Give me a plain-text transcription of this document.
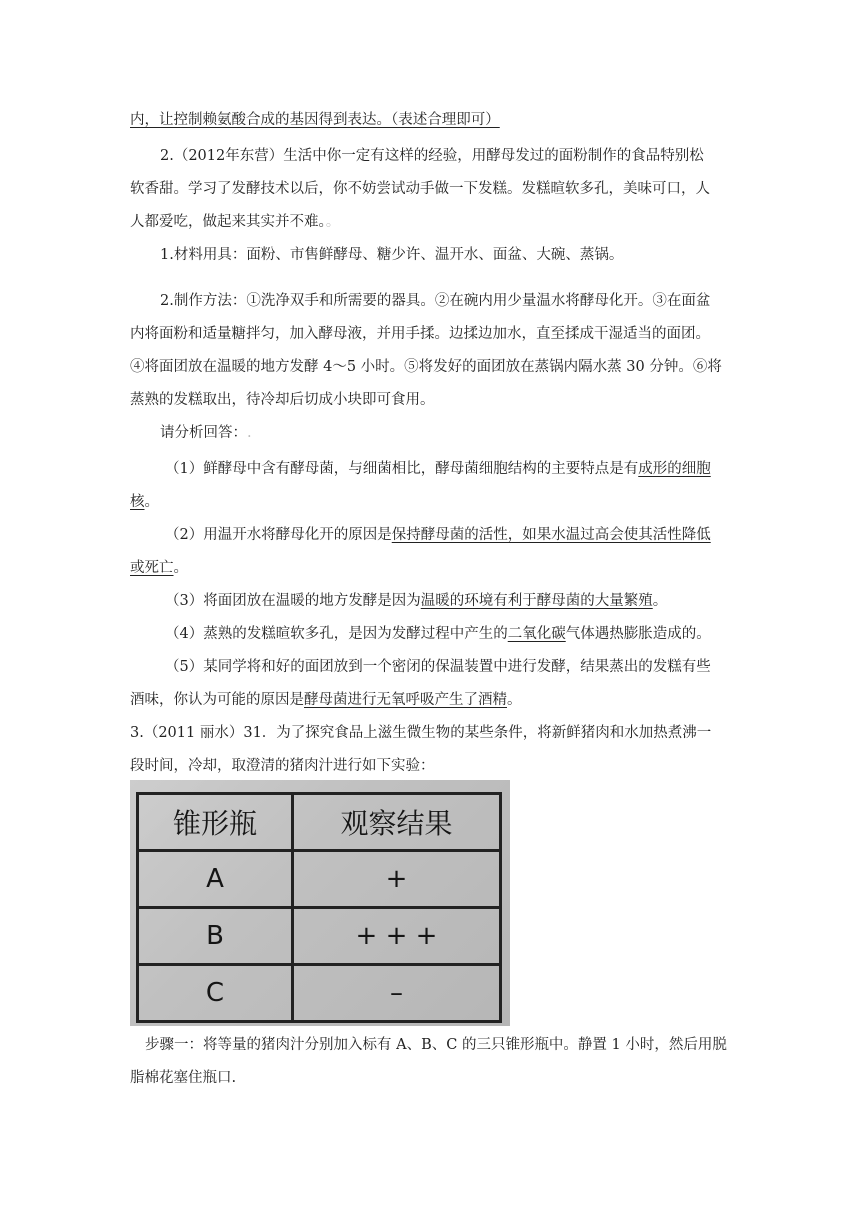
内，让控制赖氨酸合成的基因得到表达。（表述合理即可）

2.（2012年东营）生活中你一定有这样的经验，用酵母发过的面粉制作的食品特别松

软香甜。学习了发酵技术以后，你不妨尝试动手做一下发糕。发糕暄软多孔，美味可口，人

人都爱吃，做起来其实并不难。。

1.材料用具：面粉、市售鲜酵母、糖少许、温开水、面盆、大碗、蒸锅。

2.制作方法：①洗净双手和所需要的器具。②在碗内用少量温水将酵母化开。③在面盆

内将面粉和适量糖拌匀，加入酵母液，并用手揉。边揉边加水，直至揉成干湿适当的面团。

④将面团放在温暖的地方发酵 4～5 小时。⑤将发好的面团放在蒸锅内隔水蒸 30 分钟。⑥将

蒸熟的发糕取出，待冷却后切成小块即可食用。

请分析回答：.

（1）鲜酵母中含有酵母菌，与细菌相比，酵母菌细胞结构的主要特点是有成形的细胞

核。

（2）用温开水将酵母化开的原因是保持酵母菌的活性，如果水温过高会使其活性降低

或死亡。

（3）将面团放在温暖的地方发酵是因为温暖的环境有利于酵母菌的大量繁殖。

（4）蒸熟的发糕暄软多孔，是因为发酵过程中产生的二氧化碳气体遇热膨胀造成的。

（5）某同学将和好的面团放到一个密闭的保温装置中进行发酵，结果蒸出的发糕有些

酒味，你认为可能的原因是酵母菌进行无氧呼吸产生了酒精。

3.（2011 丽水）31．为了探究食品上滋生微生物的某些条件，将新鲜猪肉和水加热煮沸一

段时间，冷却，取澄清的猪肉汁进行如下实验：

锥形瓶	观察结果
A	+
B	+ + +
C	–

步骤一：将等量的猪肉汁分别加入标有 A、B、C 的三只锥形瓶中。静置 1 小时，然后用脱

脂棉花塞住瓶口.
